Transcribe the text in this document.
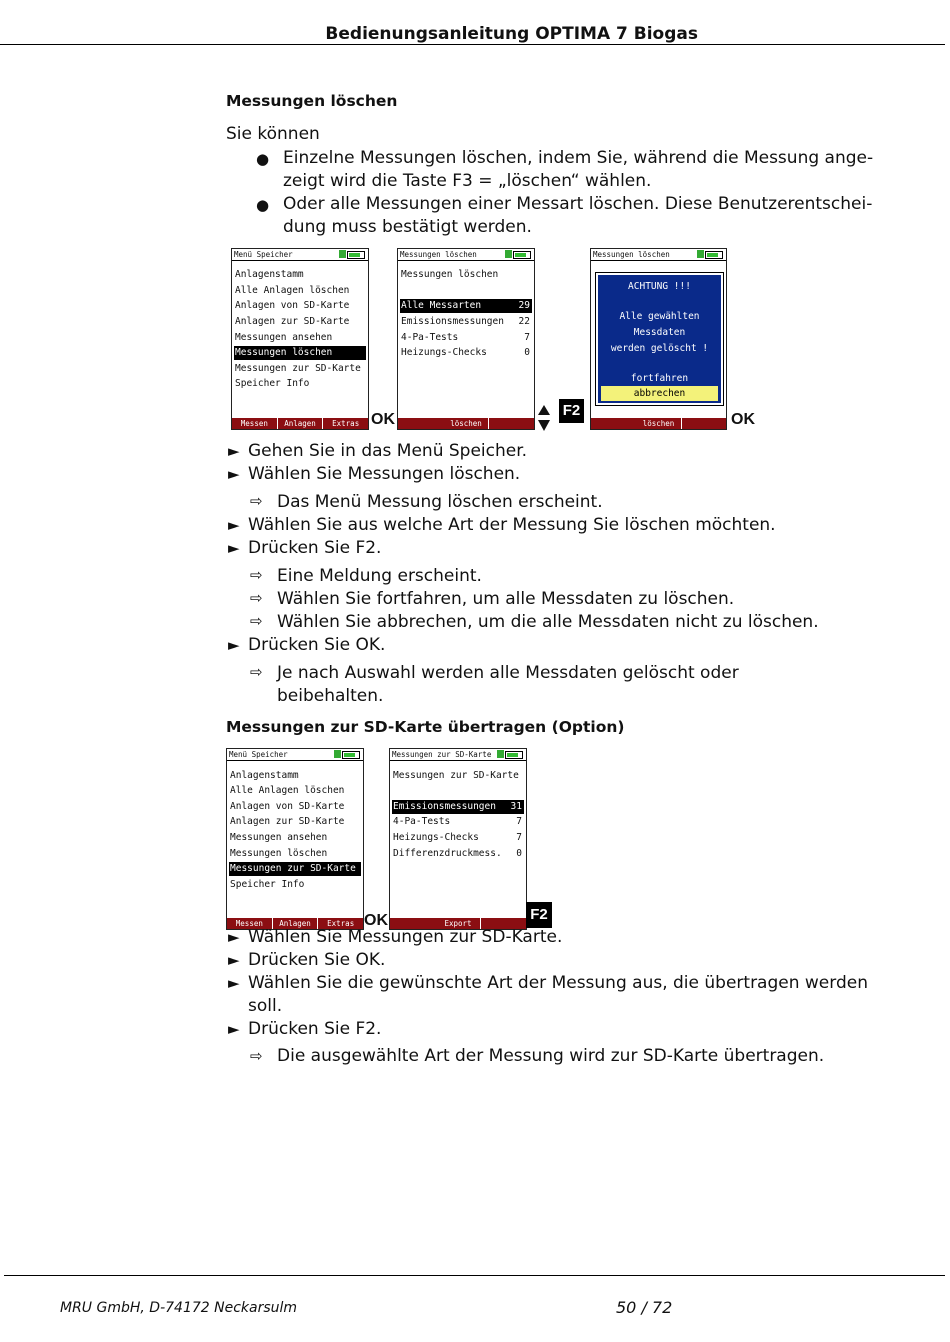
Bedienungsanleitung OPTIMA 7 Biogas
Messungen löschen
Sie können
● Einzelne Messungen löschen, indem Sie, während die Messung ange-
zeigt wird die Taste F3 = „löschen“ wählen.
● Oder alle Messungen einer Messart löschen. Diese Benutzerentschei-
dung muss bestätigt werden.
Menü Speicher
Anlagenstamm
Alle Anlagen löschen
Anlagen von SD-Karte
Anlagen zur SD-Karte
Messungen ansehen
Messungen löschen
Messungen zur SD-Karte
Speicher Info
Messen	Anlagen	Extras OK
Messungen löschen
Messungen löschen
Alle Messarten	29
Emissionsmessungen 22
4-Pa-Tests	7
Heizungs-Checks	0
löschen
F2
Messungen löschen
ACHTUNG !!!
Alle gewählten
Messdaten
werden gelöscht !
fortfahren
abbrechen
löschen	OK
► Gehen Sie in das Menü Speicher.
► Wählen Sie Messungen löschen.
⇨ Das Menü Messung löschen erscheint.
► Wählen Sie aus welche Art der Messung Sie löschen möchten.
► Drücken Sie F2.
⇨ Eine Meldung erscheint.
⇨ Wählen Sie fortfahren, um alle Messdaten zu löschen.
⇨ Wählen Sie abbrechen, um die alle Messdaten nicht zu löschen.
► Drücken Sie OK.
⇨ Je nach Auswahl werden alle Messdaten gelöscht oder
beibehalten.
Messungen zur SD-Karte übertragen (Option)
Menü Speicher
Anlagenstamm
Alle Anlagen löschen
Anlagen von SD-Karte
Anlagen zur SD-Karte
Messungen ansehen
Messungen löschen
Messungen zur SD-Karte
Speicher Info
Messen	Anlagen	Extras OK
Messungen zur SD-Karte
Messungen zur SD-Karte
Emissionsmessungen 31
4-Pa-Tests	7
Heizungs-Checks	7
Differenzdruckmess. 0
Export
F2
► Wählen Sie Messungen zur SD-Karte.
► Drücken Sie OK.
► Wählen Sie die gewünschte Art der Messung aus, die übertragen werden
soll.
► Drücken Sie F2.
⇨ Die ausgewählte Art der Messung wird zur SD-Karte übertragen.
MRU GmbH, D-74172 Neckarsulm	50 / 72
